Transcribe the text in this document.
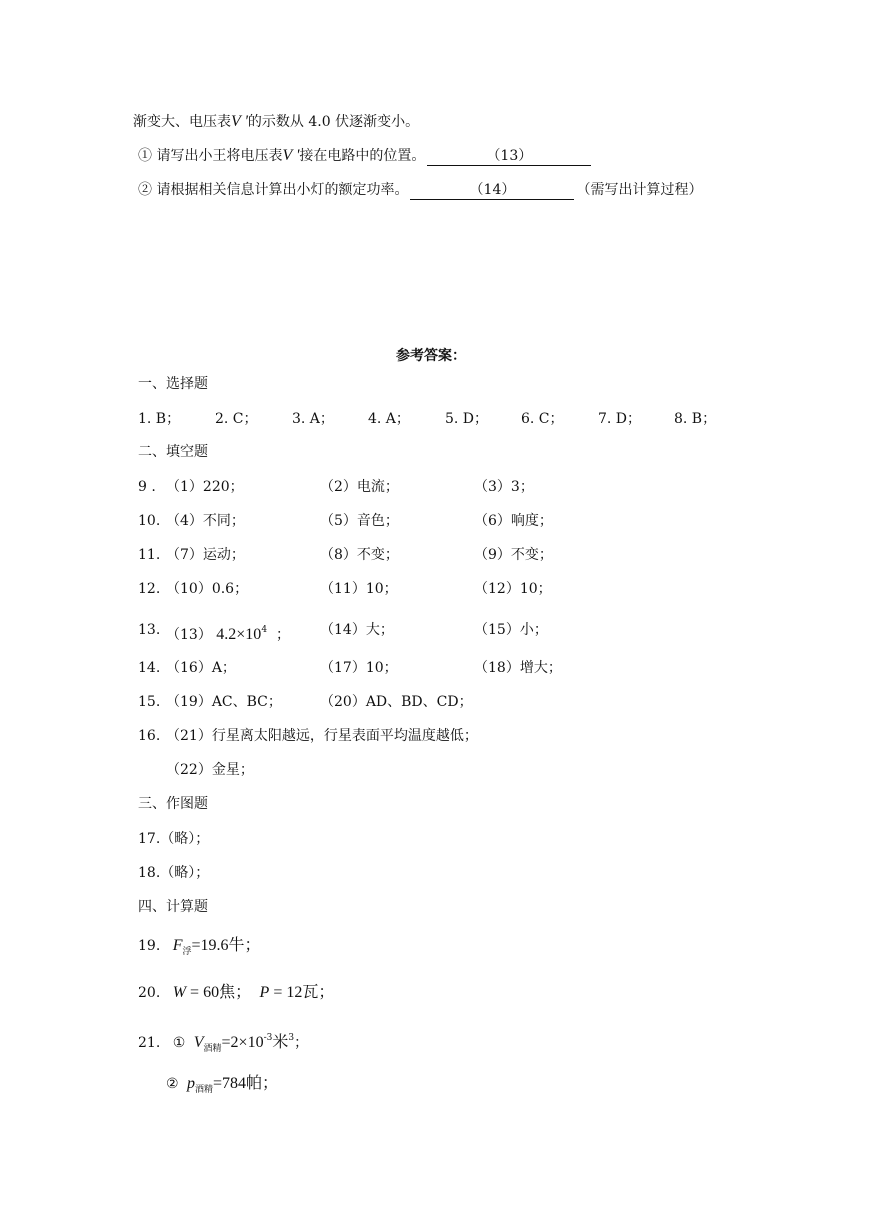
渐变大、电压表V '的示数从 4.0 伏逐渐变小。
① 请写出小王将电压表V '接在电路中的位置。	（13）
② 请根据相关信息计算出小灯的额定功率。	（14）	（需写出计算过程）
参考答案：
一、选择题
1. B； 2. C； 3. A； 4. A；	5. D； 6. C； 7. D； 8. B；
二、填空题
9 . （1）220；	（2）电流；	（3）3；
10. （4）不同；	（5）音色；	（6）响度；
11. （7）运动；	（8）不变；	（9）不变；
12. （10）0.6；	（11）10；	（12）10；
13. （13） $4.2\times 10^4$ ； （14）大；	（15）小；
14. （16）A；	（17）10；	（18）增大；
15. （19）AC、BC；	（20）AD、BD、CD；
16. （21）行星离太阳越远，行星表面平均温度越低；
（22）金星；
三、作图题
17.（略）；
18.（略）；
四、计算题
19. $F_浮=19.6$牛；
20. W = 60焦； P = 12瓦；
21. ① $V_{酒精}=2\times 10^{-3}$米$^3$；
② $p_{酒精}=784$帕；
